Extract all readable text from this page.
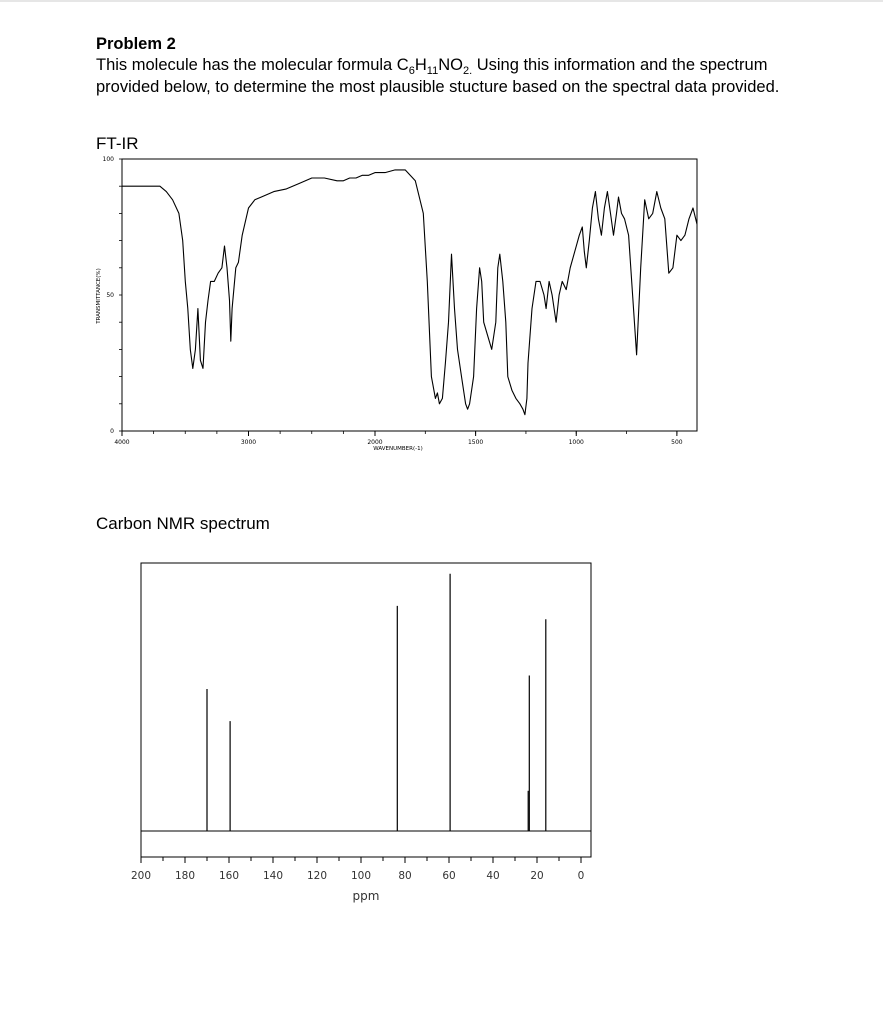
Problem 2

This molecule has the molecular formula $C_6H_{11}NO_{2.}$ Using this information and the spectrum provided below, to determine the most plausible stucture based on the spectral data provided.

FT-IR
Carbon NMR spectrum
4000	3000	2000	1500	1000	500
100
50
0
WAVENUMBER(-1)
TRANSMITTANCE(%)
200 180 160 140 120 100	80	60	40	20	0
ppm
